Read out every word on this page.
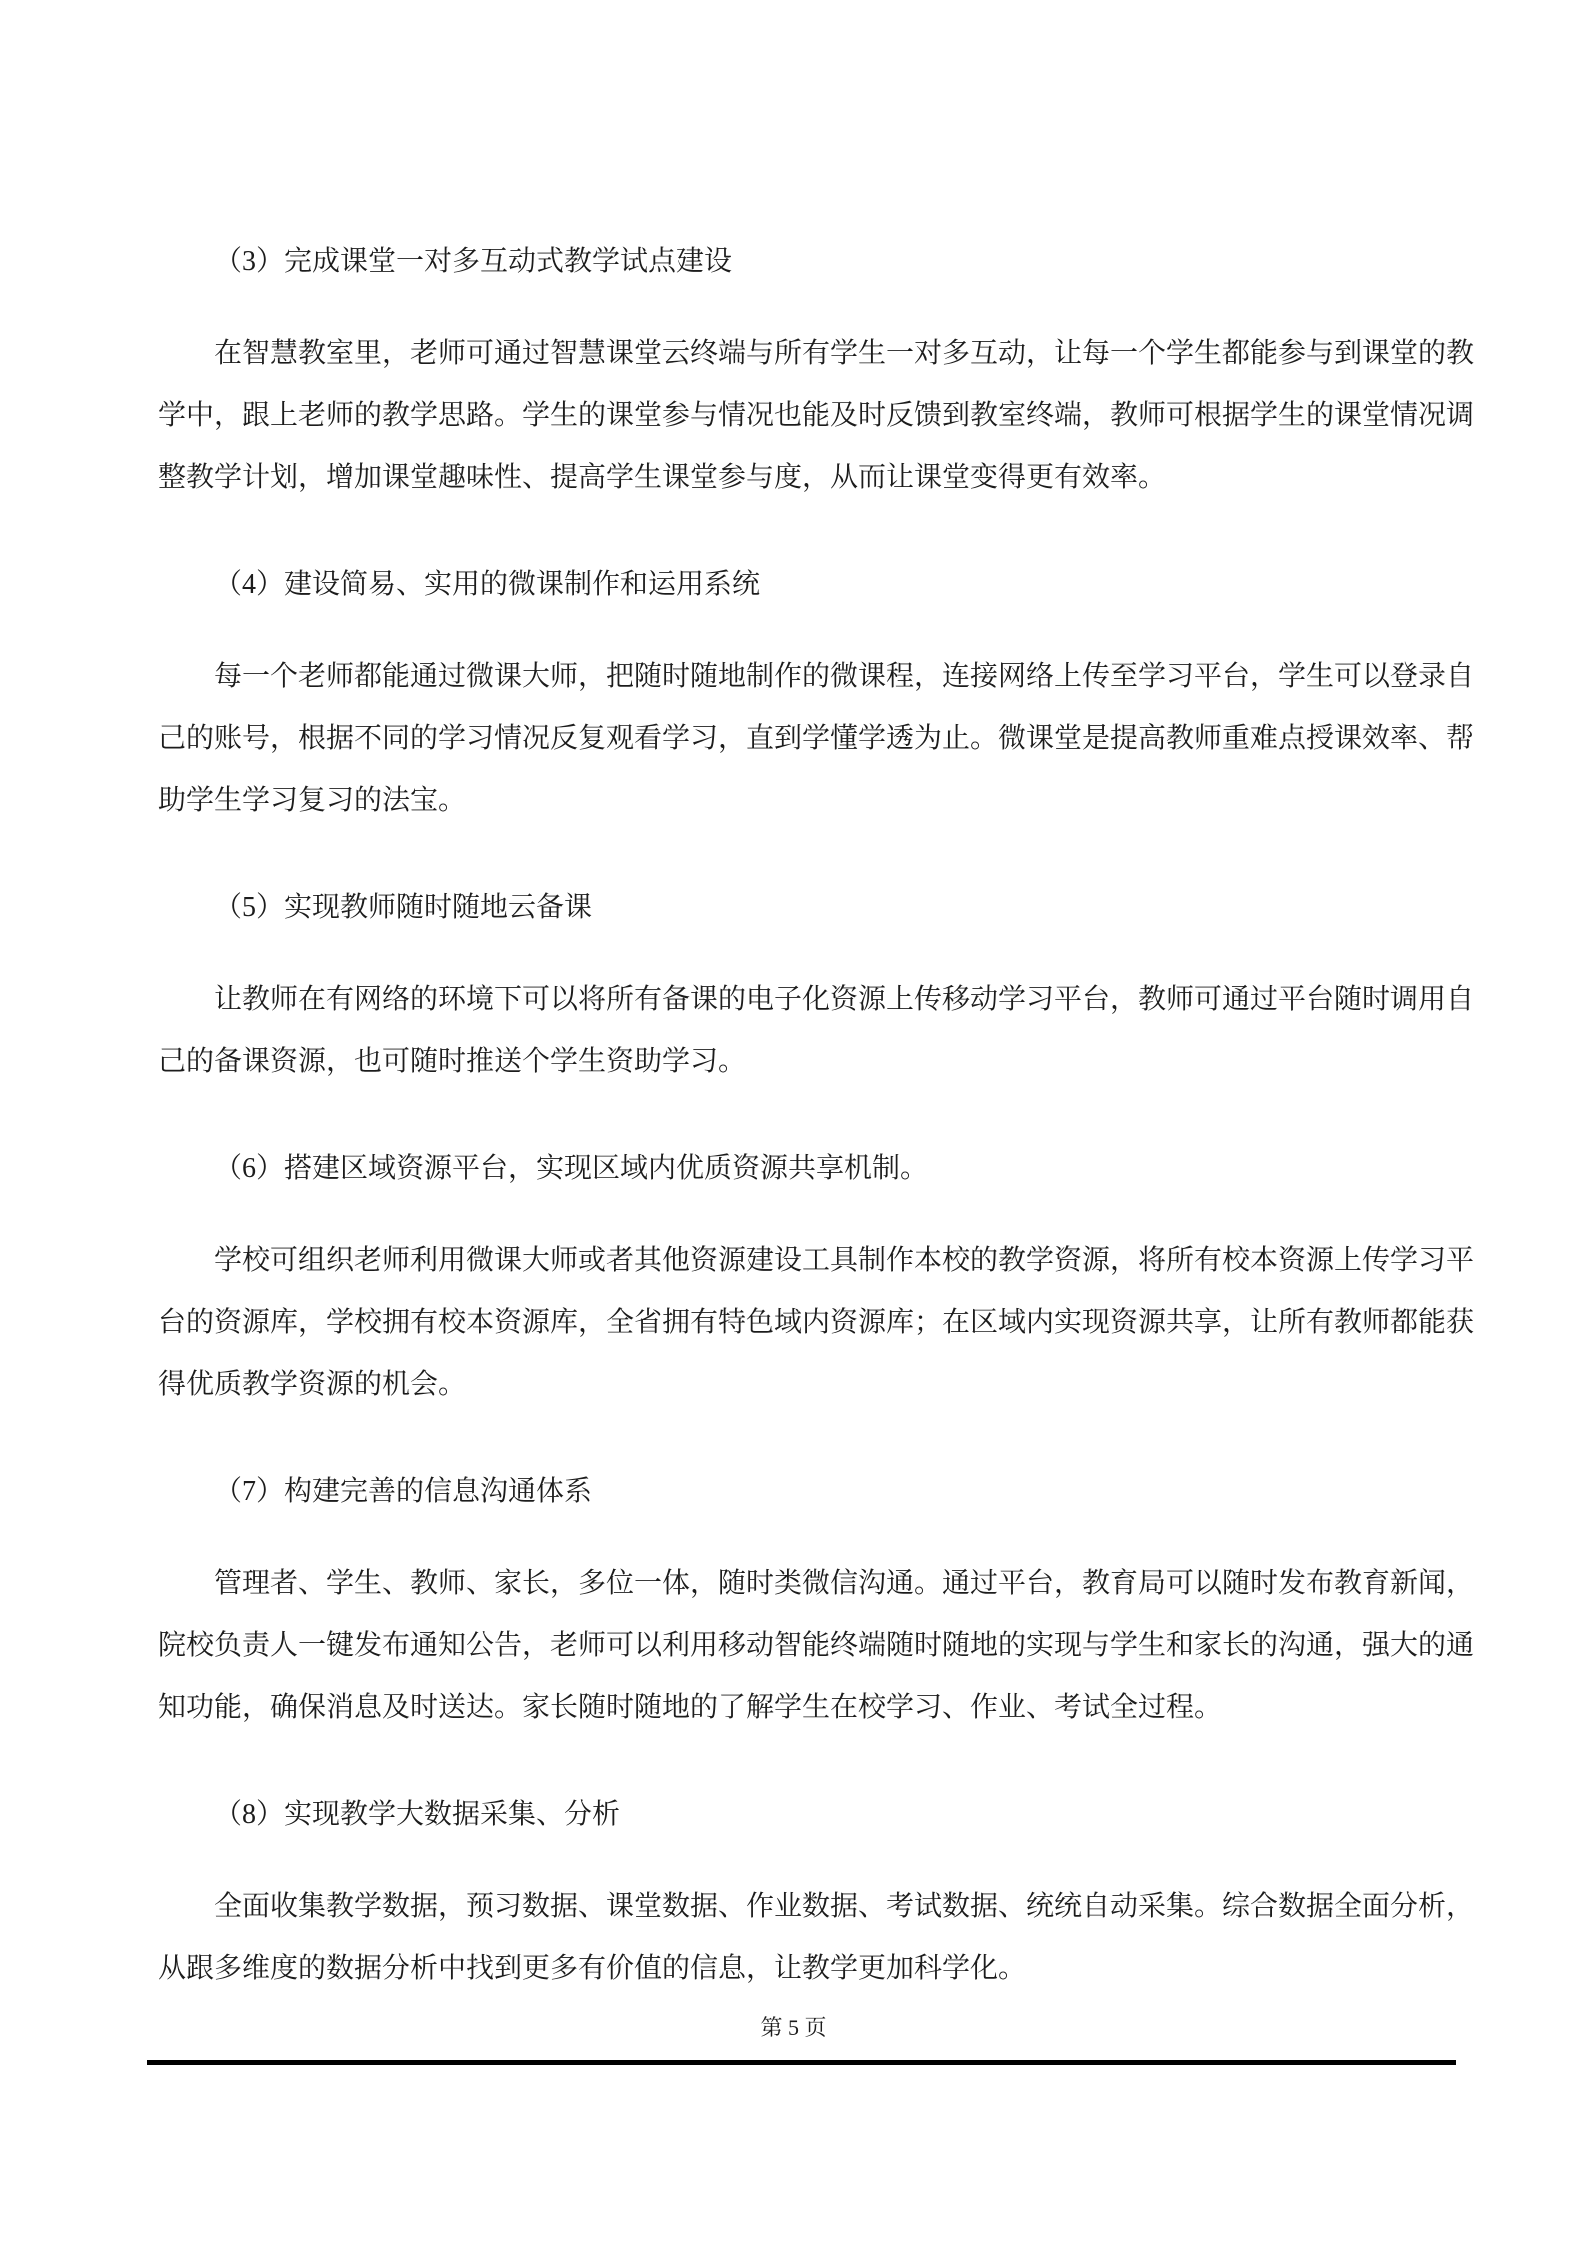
（3）完成课堂一对多互动式教学试点建设

在智慧教室里，老师可通过智慧课堂云终端与所有学生一对多互动，让每一个学生都能参与到课堂的教学中，跟上老师的教学思路。学生的课堂参与情况也能及时反馈到教室终端，教师可根据学生的课堂情况调整教学计划，增加课堂趣味性、提高学生课堂参与度，从而让课堂变得更有效率。

（4）建设简易、实用的微课制作和运用系统

每一个老师都能通过微课大师，把随时随地制作的微课程，连接网络上传至学习平台，学生可以登录自己的账号，根据不同的学习情况反复观看学习，直到学懂学透为止。微课堂是提高教师重难点授课效率、帮助学生学习复习的法宝。

（5）实现教师随时随地云备课

让教师在有网络的环境下可以将所有备课的电子化资源上传移动学习平台，教师可通过平台随时调用自己的备课资源，也可随时推送个学生资助学习。

（6）搭建区域资源平台，实现区域内优质资源共享机制。

学校可组织老师利用微课大师或者其他资源建设工具制作本校的教学资源，将所有校本资源上传学习平台的资源库，学校拥有校本资源库，全省拥有特色域内资源库；在区域内实现资源共享，让所有教师都能获得优质教学资源的机会。

（7）构建完善的信息沟通体系

管理者、学生、教师、家长，多位一体，随时类微信沟通。通过平台，教育局可以随时发布教育新闻，院校负责人一键发布通知公告，老师可以利用移动智能终端随时随地的实现与学生和家长的沟通，强大的通知功能，确保消息及时送达。家长随时随地的了解学生在校学习、作业、考试全过程。

（8）实现教学大数据采集、分析

全面收集教学数据，预习数据、课堂数据、作业数据、考试数据、统统自动采集。综合数据全面分析，从跟多维度的数据分析中找到更多有价值的信息，让教学更加科学化。

第 5 页
